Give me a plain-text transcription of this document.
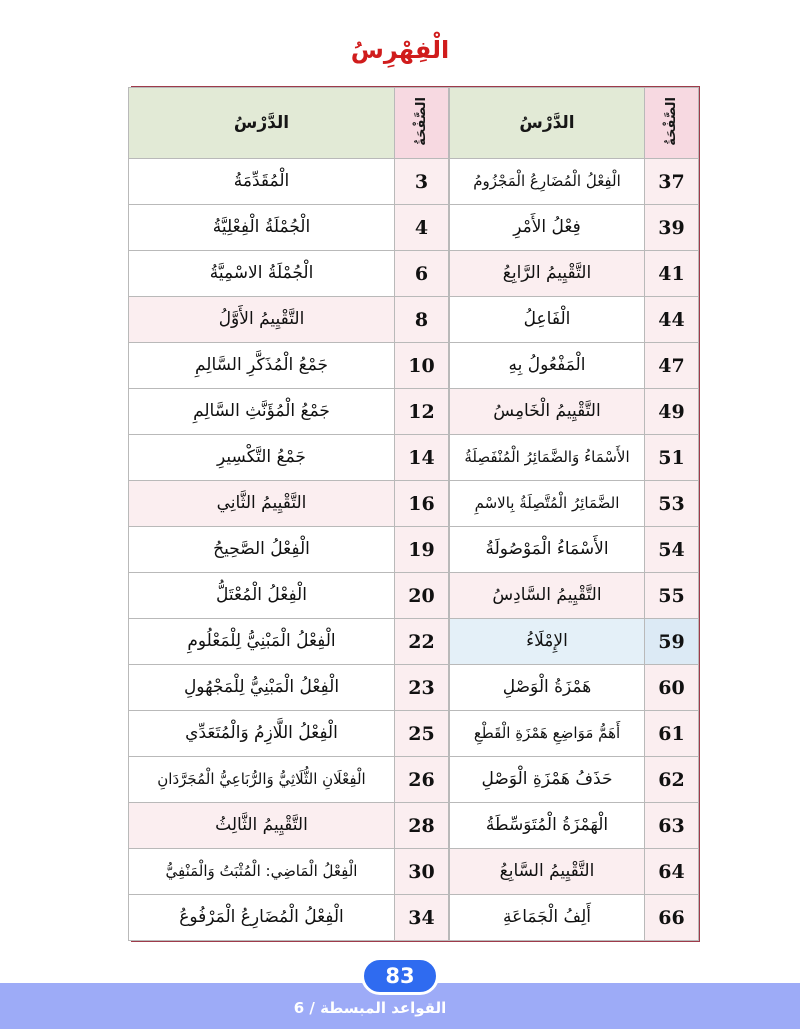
الْفِهْرِسُ
الصَّفْحَةُ	الدَّرْسُ
37	الْفِعْلُ الْمُضَارِعُ الْمَجْزُومُ
39	فِعْلُ الأَمْرِ
41	التَّقْيِيمُ الرَّابِعُ
44	الْفَاعِلُ
47	الْمَفْعُولُ بِهِ
49	التَّقْيِيمُ الْخَامِسُ
51	الأَسْمَاءُ وَالضَّمَائِرُ الْمُنْفَصِلَةُ
53	الضَّمَائِرُ الْمُتَّصِلَةُ بِالاسْمِ
54	الأَسْمَاءُ الْمَوْصُولَةُ
55	التَّقْيِيمُ السَّادِسُ
59	الإِمْلَاءُ
60	هَمْزَةُ الْوَصْلِ
61	أَهَمُّ مَوَاضِعِ هَمْزَةِ الْقَطْعِ
62	حَذَفُ هَمْزَةِ الْوَصْلِ
63	الْهَمْزَةُ الْمُتَوَسِّطَةُ
64	التَّقْيِيمُ السَّابِعُ
66	أَلِفُ الْجَمَاعَةِ
الصَّفْحَةُ	الدَّرْسُ
3	الْمُقَدِّمَةُ
4	الْجُمْلَةُ الْفِعْلِيَّةُ
6	الْجُمْلَةُ الاسْمِيَّةُ
8	التَّقْيِيمُ الأَوَّلُ
10	جَمْعُ الْمُذَكَّرِ السَّالِمِ
12	جَمْعُ الْمُؤَنَّثِ السَّالِمِ
14	جَمْعُ التَّكْسِيرِ
16	التَّقْيِيمُ الثَّانِي
19	الْفِعْلُ الصَّحِيحُ
20	الْفِعْلُ الْمُعْتَلُّ
22	الْفِعْلُ الْمَبْنِيُّ لِلْمَعْلُومِ
23	الْفِعْلُ الْمَبْنِيُّ لِلْمَجْهُولِ
25	الْفِعْلُ اللَّازِمُ وَالْمُتَعَدِّي
26	الْفِعْلَانِ الثُّلَاثِيُّ وَالرُّبَاعِيُّ الْمُجَرَّدَانِ
28	التَّقْيِيمُ الثَّالِثُ
30	الْفِعْلُ الْمَاضِي: الْمُثْبَتُ وَالْمَنْفِيُّ
34	الْفِعْلُ الْمُضَارِعُ الْمَرْفُوعُ
القواعد المبسطة / 6
83
